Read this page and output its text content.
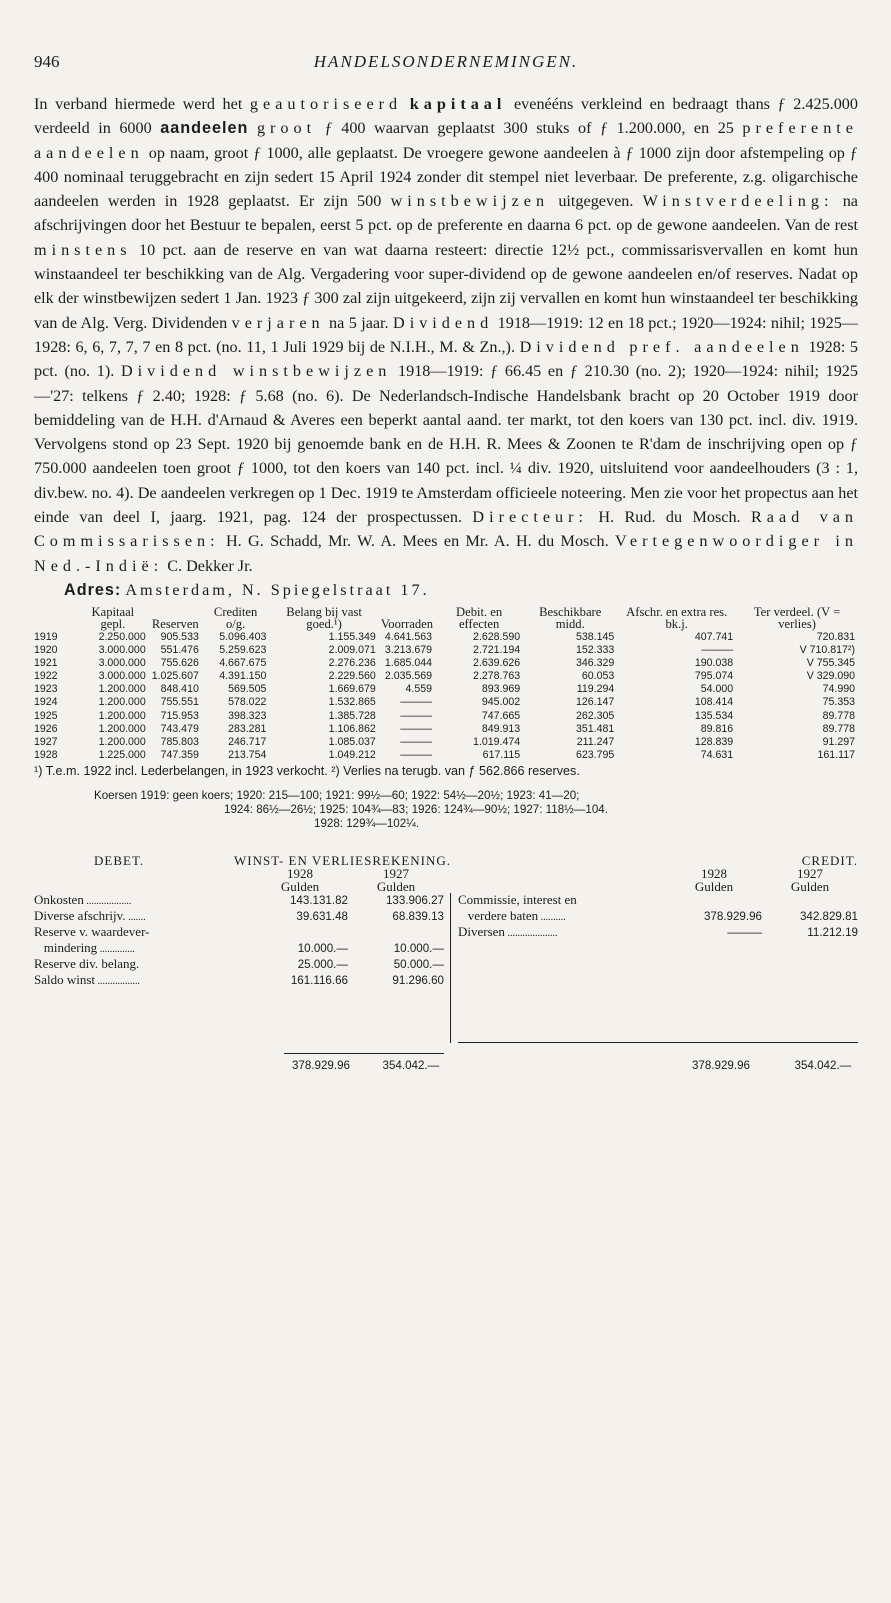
946	HANDELSONDERNEMINGEN.

In verband hiermede werd het geautoriseerd kapitaal evenééns verkleind en bedraagt thans ƒ 2.425.000 verdeeld in 6000 aandeelen groot ƒ 400 waarvan geplaatst 300 stuks of ƒ 1.200.000, en 25 preferente aandeelen op naam, groot ƒ 1000, alle geplaatst. De vroegere gewone aandeelen à ƒ 1000 zijn door afstempeling op ƒ 400 nominaal teruggebracht en zijn sedert 15 April 1924 zonder dit stempel niet leverbaar. De preferente, z.g. oligarchische aandeelen werden in 1928 geplaatst. Er zijn 500 winstbewijzen uitgegeven. Winstverdeeling: na afschrijvingen door het Bestuur te bepalen, eerst 5 pct. op de preferente en daarna 6 pct. op de gewone aandeelen. Van de rest minstens 10 pct. aan de reserve en van wat daarna resteert: directie 12½ pct., commissarisvervallen en komt hun winstaandeel ter beschikking van de Alg. Vergadering voor super-dividend op de gewone aandeelen en/of reserves. Nadat op elk der winstbewijzen sedert 1 Jan. 1923 ƒ 300 zal zijn uitgekeerd, zijn zij vervallen en komt hun winstaandeel ter beschikking van de Alg. Verg. Dividenden verjaren na 5 jaar. Dividend 1918—1919: 12 en 18 pct.; 1920—1924: nihil; 1925—1928: 6, 6, 7, 7, 7 en 8 pct. (no. 11, 1 Juli 1929 bij de N.I.H., M. & Zn.,). Dividend pref. aandeelen 1928: 5 pct. (no. 1). Dividend winstbewijzen 1918—1919: ƒ 66.45 en ƒ 210.30 (no. 2); 1920—1924: nihil; 1925—'27: telkens ƒ 2.40; 1928: ƒ 5.68 (no. 6). De Nederlandsch-Indische Handelsbank bracht op 20 October 1919 door bemiddeling van de H.H. d'Arnaud & Averes een beperkt aantal aand. ter markt, tot den koers van 130 pct. incl. div. 1919. Vervolgens stond op 23 Sept. 1920 bij genoemde bank en de H.H. R. Mees & Zoonen te R'dam de inschrijving open op ƒ 750.000 aandeelen toen groot ƒ 1000, tot den koers van 140 pct. incl. ¼ div. 1920, uitsluitend voor aandeelhouders (3 : 1, div.bew. no. 4). De aandeelen verkregen op 1 Dec. 1919 te Amsterdam officieele noteering. Men zie voor het propectus aan het einde van deel I, jaarg. 1921, pag. 124 der prospectussen. Directeur: H. Rud. du Mosch. Raad van Commissarissen: H. G. Schadd, Mr. W. A. Mees en Mr. A. H. du Mosch. Vertegenwoordiger in Ned.-Indië: C. Dekker Jr.

Adres: Amsterdam, N. Spiegelstraat 17.
	Kapitaal gepl.	Reserven	Crediten o/g.	Belang bij vast goed.¹)	Voorraden	Debit. en effecten	Beschikbare midd.	Afschr. en extra res. bk.j.	Ter verdeel. (V = verlies)
1919	2.250.000	905.533	5.096.403	1.155.349	4.641.563	2.628.590	538.145	407.741	720.831
1920	3.000.000	551.476	5.259.623	2.009.071	3.213.679	2.721.194	152.333	———	V 710.817²)
1921	3.000.000	755.626	4.667.675	2.276.236	1.685.044	2.639.626	346.329	190.038	V 755.345
1922	3.000.000	1.025.607	4.391.150	2.229.560	2.035.569	2.278.763	60.053	795.074	V 329.090
1923	1.200.000	848.410	569.505	1.669.679	4.559	893.969	119.294	54.000	74.990
1924	1.200.000	755.551	578.022	1.532.865	———	945.002	126.147	108.414	75.353
1925	1.200.000	715.953	398.323	1.385.728	———	747.665	262.305	135.534	89.778
1926	1.200.000	743.479	283.281	1.106.862	———	849.913	351.481	89.816	89.778
1927	1.200.000	785.803	246.717	1.085.037	———	1.019.474	211.247	128.839	91.297
1928	1.225.000	747.359	213.754	1.049.212	———	617.115	623.795	74.631	161.117
¹) T.e.m. 1922 incl. Lederbelangen, in 1923 verkocht. ²) Verlies na terugb. van ƒ 562.866 reserves.
Koersen 1919: geen koers; 1920: 215—100; 1921: 99½—60; 1922: 54½—20½; 1923: 41—20;
1924: 86½—26½; 1925: 104¾—83; 1926: 124¾—90½; 1927: 118½—104.
1928: 129¾—102¼.
DEBET.	WINST- EN VERLIESREKENING.	CREDIT.
	1928	1927
	Gulden	Gulden
Onkosten ..................	143.131.82	133.906.27
Diverse afschrijv. .......	39.631.48	68.839.13
Reserve v. waardever-		
mindering ..............	10.000.—	10.000.—
Reserve div. belang.	25.000.—	50.000.—
Saldo winst .................	161.116.66	91.296.60
	1928	1927
	Gulden	Gulden
Commissie, interest en		
verdere baten ..........	378.929.96	342.829.81
Diversen ....................	———	11.212.19
378.929.96	354.042.—	378.929.96	354.042.—
